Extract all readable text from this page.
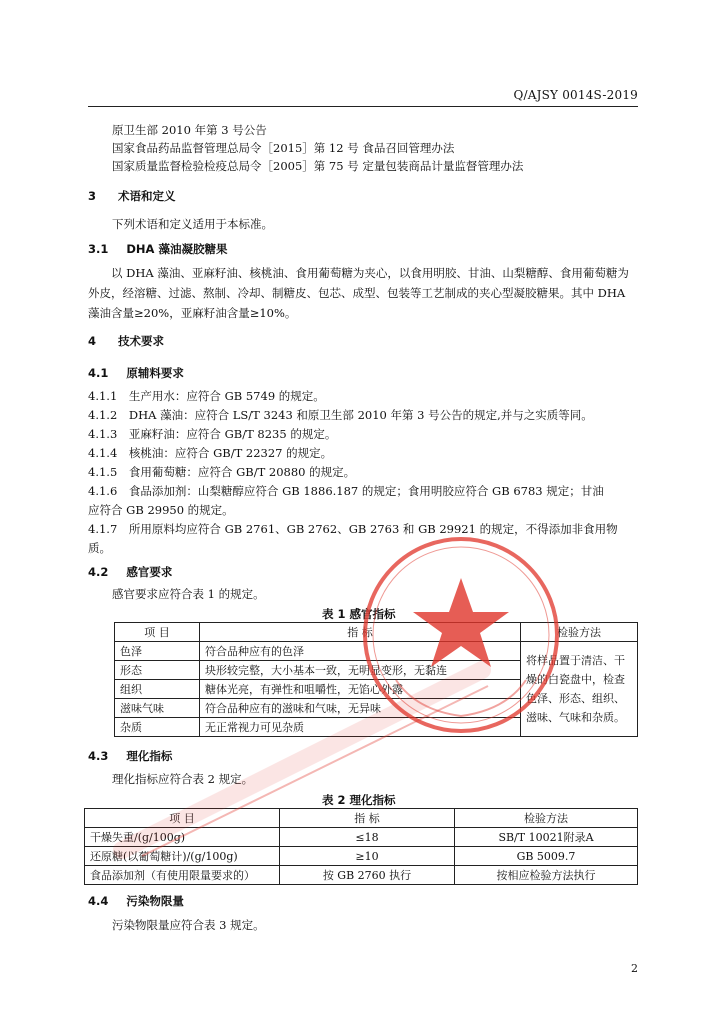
Q/AJSY 0014S-2019
原卫生部 2010 年第 3 号公告
国家食品药品监督管理总局令［2015］第 12 号 食品召回管理办法
国家质量监督检验检疫总局令［2005］第 75 号 定量包装商品计量监督管理办法
3 术语和定义
下列术语和定义适用于本标准。
3.1 DHA 藻油凝胶糖果
以 DHA 藻油、亚麻籽油、核桃油、食用葡萄糖为夹心，以食用明胶、甘油、山梨糖醇、食用葡萄糖为外皮，经溶糖、过滤、熬制、冷却、制糖皮、包芯、成型、包装等工艺制成的夹心型凝胶糖果。其中 DHA 藻油含量≥20%，亚麻籽油含量≥10%。
4 技术要求
4.1 原辅料要求
4.1.1 生产用水：应符合 GB 5749 的规定。
4.1.2 DHA 藻油：应符合 LS/T 3243 和原卫生部 2010 年第 3 号公告的规定,并与之实质等同。
4.1.3 亚麻籽油：应符合 GB/T 8235 的规定。
4.1.4 核桃油：应符合 GB/T 22327 的规定。
4.1.5 食用葡萄糖：应符合 GB/T 20880 的规定。
4.1.6 食品添加剂：山梨糖醇应符合 GB 1886.187 的规定；食用明胶应符合 GB 6783 规定；甘油
应符合 GB 29950 的规定。
4.1.7 所用原料均应符合 GB 2761、GB 2762、GB 2763 和 GB 29921 的规定，不得添加非食用物
质。
4.2 感官要求
感官要求应符合表 1 的规定。
表 1 感官指标
项 目	指 标	检验方法
色泽	符合品种应有的色泽	将样品置于清洁、干
燥的白瓷盘中，检查
色泽、形态、组织、
滋味、气味和杂质。

形态	块形较完整，大小基本一致，无明显变形，无黏连	
组织	糖体光亮，有弹性和咀嚼性，无馅心外露	
滋味气味	符合品种应有的滋味和气味，无异味	
杂质	无正常视力可见杂质	
4.3 理化指标
理化指标应符合表 2 规定。
表 2 理化指标
项 目	指 标	检验方法
干燥失重/(g/100g)	≤18	SB/T 10021附录A
还原糖(以葡萄糖计)/(g/100g)	≥10	GB 5009.7
食品添加剂（有使用限量要求的）	按 GB 2760 执行	按相应检验方法执行
4.4 污染物限量
污染物限量应符合表 3 规定。
2
